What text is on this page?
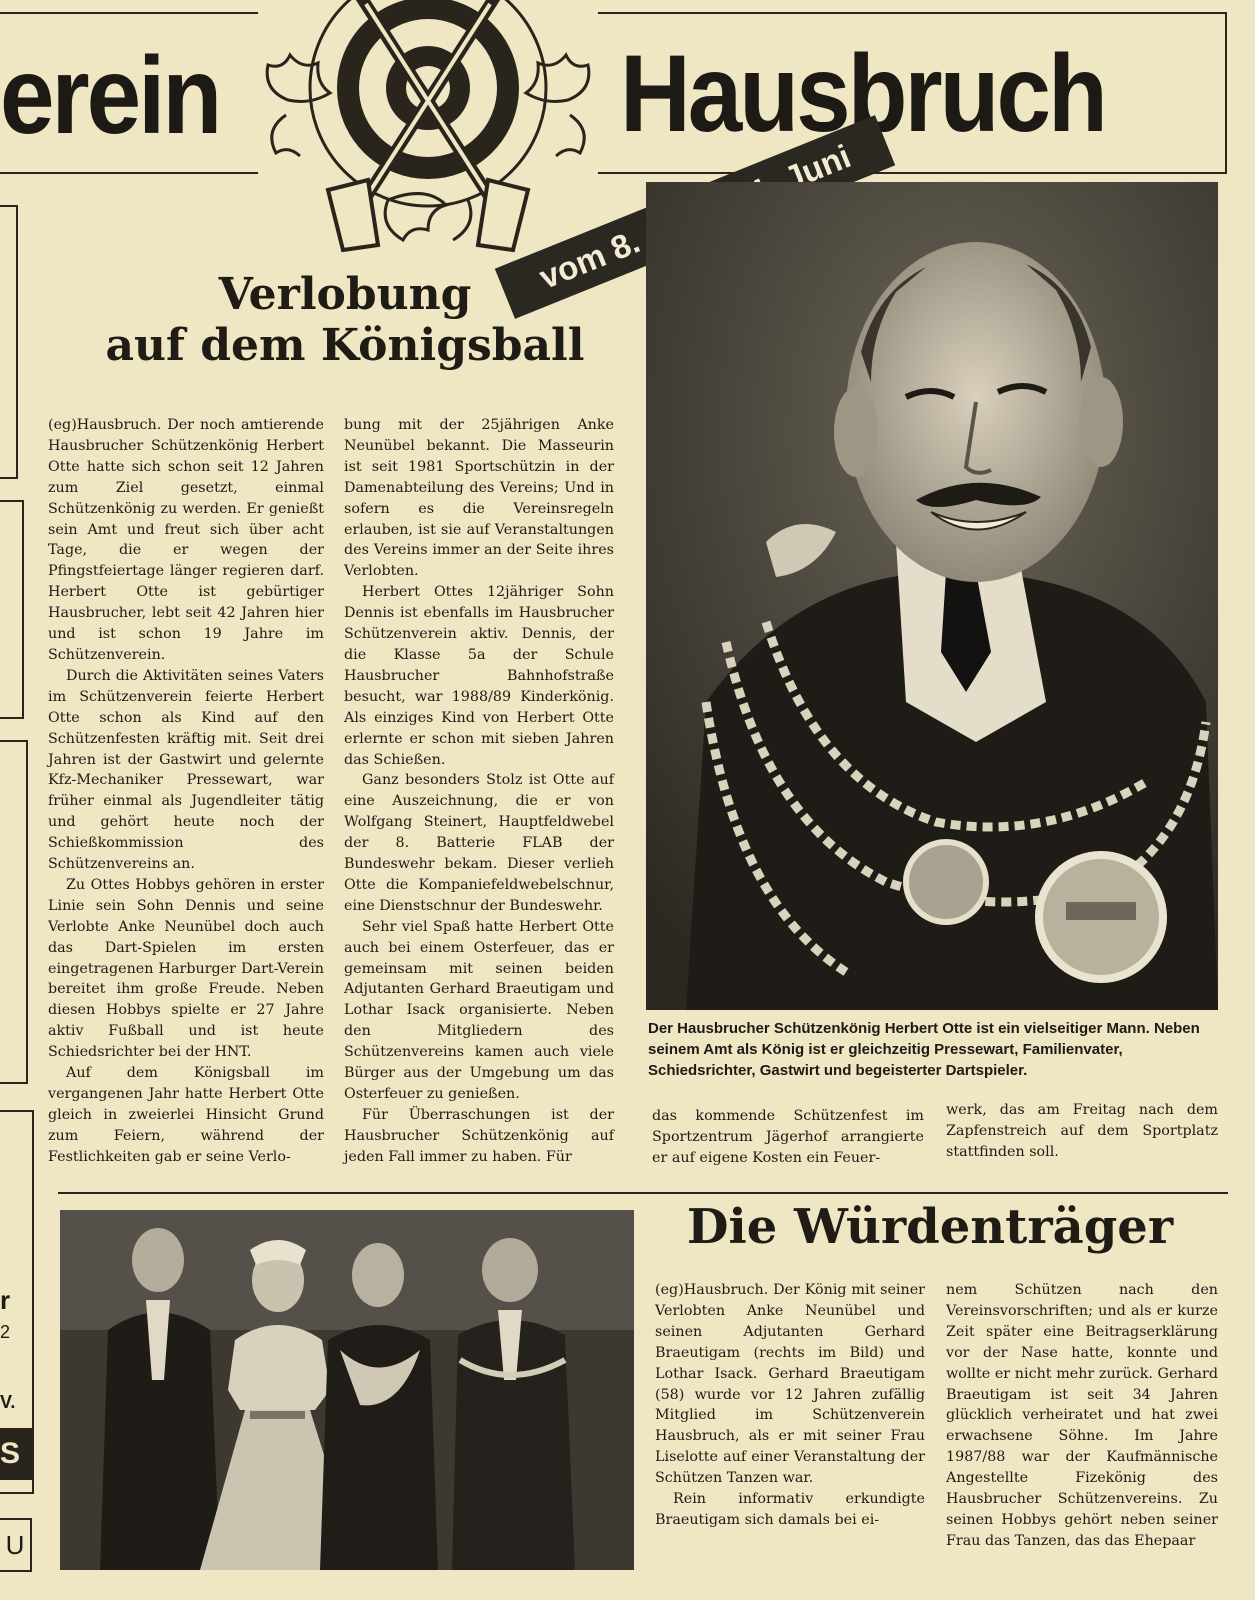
erein	Hausbruch
vom 8. Juni
r
2
V.
S
U
Verlobung
auf dem Königsball

(eg)Hausbruch. Der noch amtierende Hausbrucher Schützenkönig Herbert Otte hatte sich schon seit 12 Jahren zum Ziel gesetzt, einmal Schützenkönig zu werden. Er genießt sein Amt und freut sich über acht Tage, die er wegen der Pfingstfeiertage länger regieren darf. Herbert Otte ist gebürtiger Hausbrucher, lebt seit 42 Jahren hier und ist schon 19 Jahre im Schützenverein.

Durch die Aktivitäten seines Vaters im Schützenverein feierte Herbert Otte schon als Kind auf den Schützenfesten kräftig mit. Seit drei Jahren ist der Gastwirt und gelernte Kfz-Mechaniker Pressewart, war früher einmal als Jugendleiter tätig und gehört heute noch der Schießkommission des Schützenvereins an.

Zu Ottes Hobbys gehören in erster Linie sein Sohn Dennis und seine Verlobte Anke Neunübel doch auch das Dart-Spielen im ersten eingetragenen Harburger Dart-Verein bereitet ihm große Freude. Neben diesen Hobbys spielte er 27 Jahre aktiv Fußball und ist heute Schiedsrichter bei der HNT.

Auf dem Königsball im vergangenen Jahr hatte Herbert Otte gleich in zweierlei Hinsicht Grund zum Feiern, während der Festlichkeiten gab er seine Verlo-

bung mit der 25jährigen Anke Neunübel bekannt. Die Masseurin ist seit 1981 Sportschützin in der Damenabteilung des Vereins; Und in sofern es die Vereinsregeln erlauben, ist sie auf Veranstaltungen des Vereins immer an der Seite ihres Verlobten.

Herbert Ottes 12jähriger Sohn Dennis ist ebenfalls im Hausbrucher Schützenverein aktiv. Dennis, der die Klasse 5a der Schule Hausbrucher Bahnhofstraße besucht, war 1988/89 Kinderkönig. Als einziges Kind von Herbert Otte erlernte er schon mit sieben Jahren das Schießen.

Ganz besonders Stolz ist Otte auf eine Auszeichnung, die er von Wolfgang Steinert, Hauptfeldwebel der 8. Batterie FLAB der Bundeswehr bekam. Dieser verlieh Otte die Kompaniefeldwebelschnur, eine Dienstschnur der Bundeswehr.

Sehr viel Spaß hatte Herbert Otte auch bei einem Osterfeuer, das er gemeinsam mit seinen beiden Adjutanten Gerhard Braeutigam und Lothar Isack organisierte. Neben den Mitgliedern des Schützenvereins kamen auch viele Bürger aus der Umgebung um das Osterfeuer zu genießen.

Für Überraschungen ist der Hausbrucher Schützenkönig auf jeden Fall immer zu haben. Für

Der Hausbrucher Schützenkönig Herbert Otte ist ein vielseitiger Mann. Neben seinem Amt als König ist er gleichzeitig Pressewart, Familienvater, Schiedsrichter, Gastwirt und begeisterter Dartspieler.

das kommende Schützenfest im Sportzentrum Jägerhof arrangierte er auf eigene Kosten ein Feuer-

werk, das am Freitag nach dem Zapfenstreich auf dem Sportplatz stattfinden soll.

Die Würdenträger

(eg)Hausbruch. Der König mit seiner Verlobten Anke Neunübel und seinen Adjutanten Gerhard Braeutigam (rechts im Bild) und Lothar Isack. Gerhard Braeutigam (58) wurde vor 12 Jahren zufällig Mitglied im Schützenverein Hausbruch, als er mit seiner Frau Liselotte auf einer Veranstaltung der Schützen Tanzen war.

Rein informativ erkundigte Braeutigam sich damals bei ei-

nem Schützen nach den Vereinsvorschriften; und als er kurze Zeit später eine Beitragserklärung vor der Nase hatte, konnte und wollte er nicht mehr zurück. Gerhard Braeutigam ist seit 34 Jahren glücklich verheiratet und hat zwei erwachsene Söhne. Im Jahre 1987/88 war der Kaufmännische Angestellte Fizekönig des Hausbrucher Schützenvereins. Zu seinen Hobbys gehört neben seiner Frau das Tanzen, das das Ehepaar
